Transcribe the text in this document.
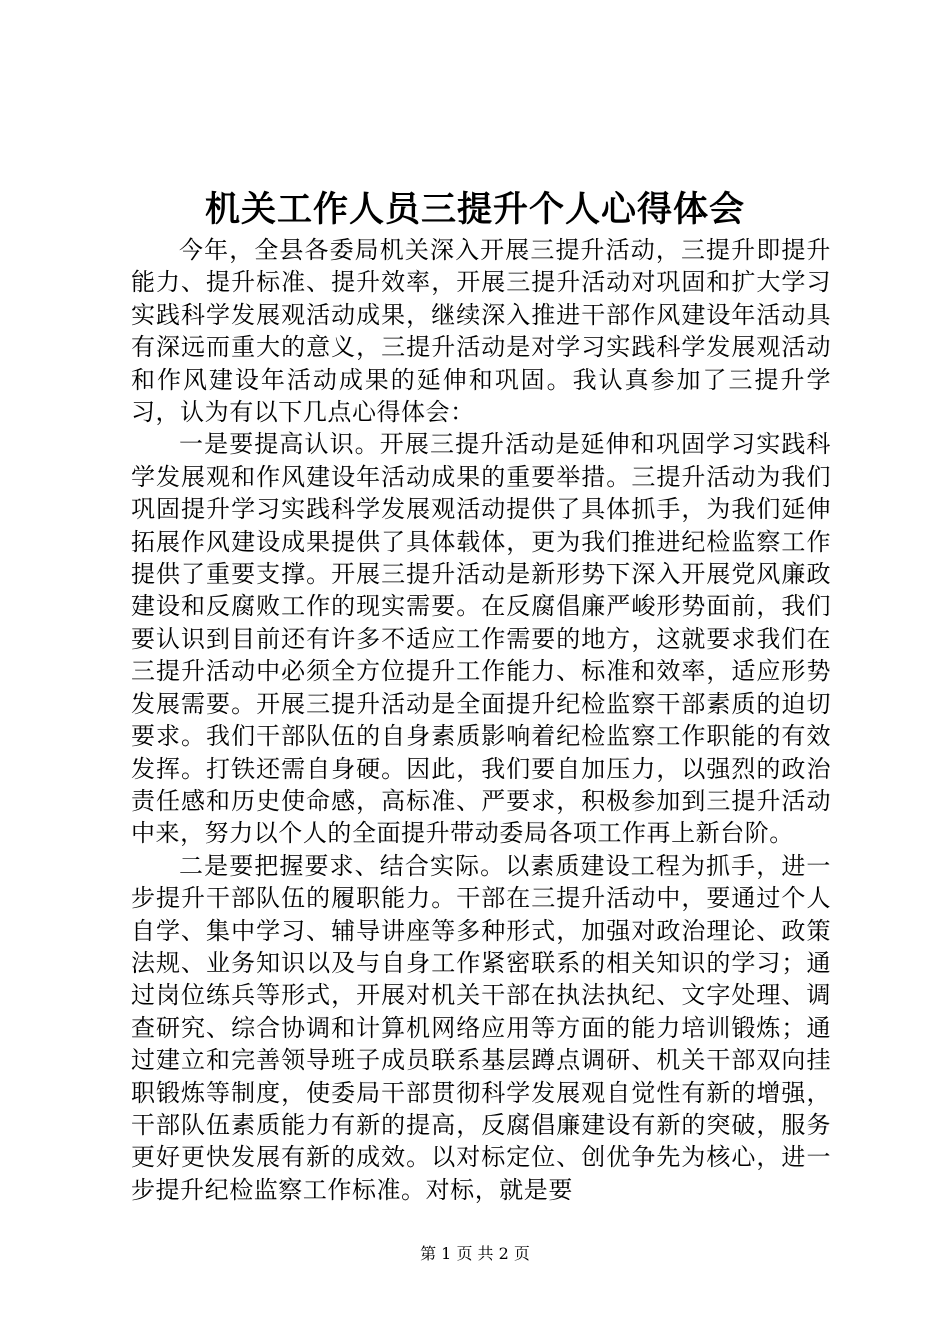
机关工作人员三提升个人心得体会

今年，全县各委局机关深入开展三提升活动，三提升即提升能力、提升标准、提升效率，开展三提升活动对巩固和扩大学习实践科学发展观活动成果，继续深入推进干部作风建设年活动具有深远而重大的意义，三提升活动是对学习实践科学发展观活动和作风建设年活动成果的延伸和巩固。我认真参加了三提升学习，认为有以下几点心得体会：

一是要提高认识。开展三提升活动是延伸和巩固学习实践科学发展观和作风建设年活动成果的重要举措。三提升活动为我们巩固提升学习实践科学发展观活动提供了具体抓手，为我们延伸拓展作风建设成果提供了具体载体，更为我们推进纪检监察工作提供了重要支撑。开展三提升活动是新形势下深入开展党风廉政建设和反腐败工作的现实需要。在反腐倡廉严峻形势面前，我们要认识到目前还有许多不适应工作需要的地方，这就要求我们在三提升活动中必须全方位提升工作能力、标准和效率，适应形势发展需要。开展三提升活动是全面提升纪检监察干部素质的迫切要求。我们干部队伍的自身素质影响着纪检监察工作职能的有效发挥。打铁还需自身硬。因此，我们要自加压力，以强烈的政治责任感和历史使命感，高标准、严要求，积极参加到三提升活动中来，努力以个人的全面提升带动委局各项工作再上新台阶。

二是要把握要求、结合实际。以素质建设工程为抓手，进一步提升干部队伍的履职能力。干部在三提升活动中，要通过个人自学、集中学习、辅导讲座等多种形式，加强对政治理论、政策法规、业务知识以及与自身工作紧密联系的相关知识的学习；通过岗位练兵等形式，开展对机关干部在执法执纪、文字处理、调查研究、综合协调和计算机网络应用等方面的能力培训锻炼；通过建立和完善领导班子成员联系基层蹲点调研、机关干部双向挂职锻炼等制度，使委局干部贯彻科学发展观自觉性有新的增强，干部队伍素质能力有新的提高，反腐倡廉建设有新的突破，服务更好更快发展有新的成效。以对标定位、创优争先为核心，进一步提升纪检监察工作标准。对标，就是要

第 1 页 共 2 页
